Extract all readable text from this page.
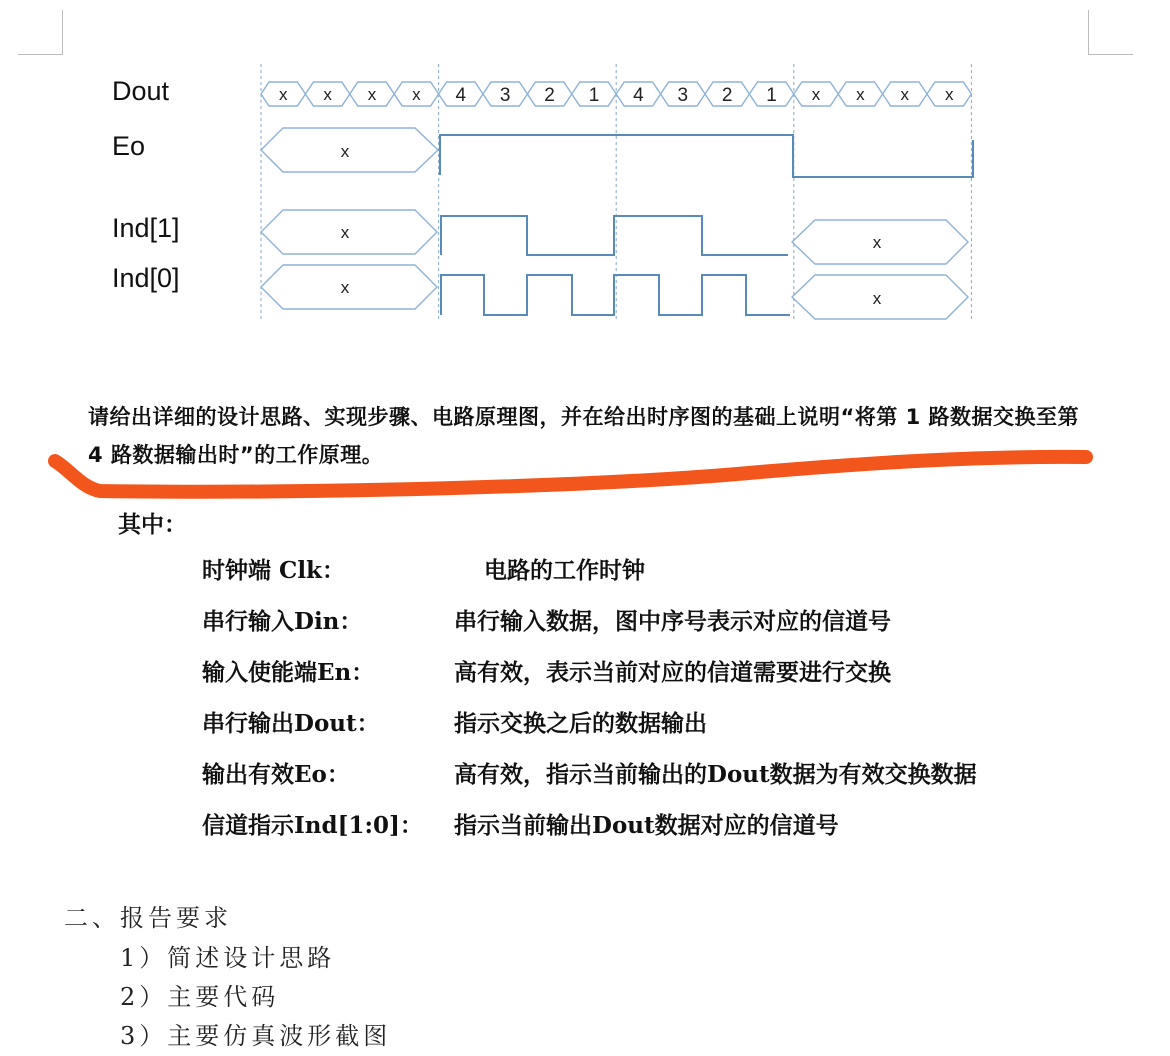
Dout
Eo
Ind[1]
Ind[0]
x x x x 4 3 2 1 4 3 2 1 x x x x
x
x
x
x
x
请给出详细的设计思路、实现步骤、电路原理图，并在给出时序图的基础上说明“将第 1 路数据交换至第 4 路数据输出时”的工作原理。
其中：
时钟端 Clk：	电路的工作时钟
串行输入Din：	串行输入数据，图中序号表示对应的信道号
输入使能端En：	高有效，表示当前对应的信道需要进行交换
串行输出Dout：	指示交换之后的数据输出
输出有效Eo：	高有效，指示当前输出的Dout数据为有效交换数据
信道指示Ind[1:0]： 指示当前输出Dout数据对应的信道号
二、报告要求
1）简述设计思路
2）主要代码
3）主要仿真波形截图
